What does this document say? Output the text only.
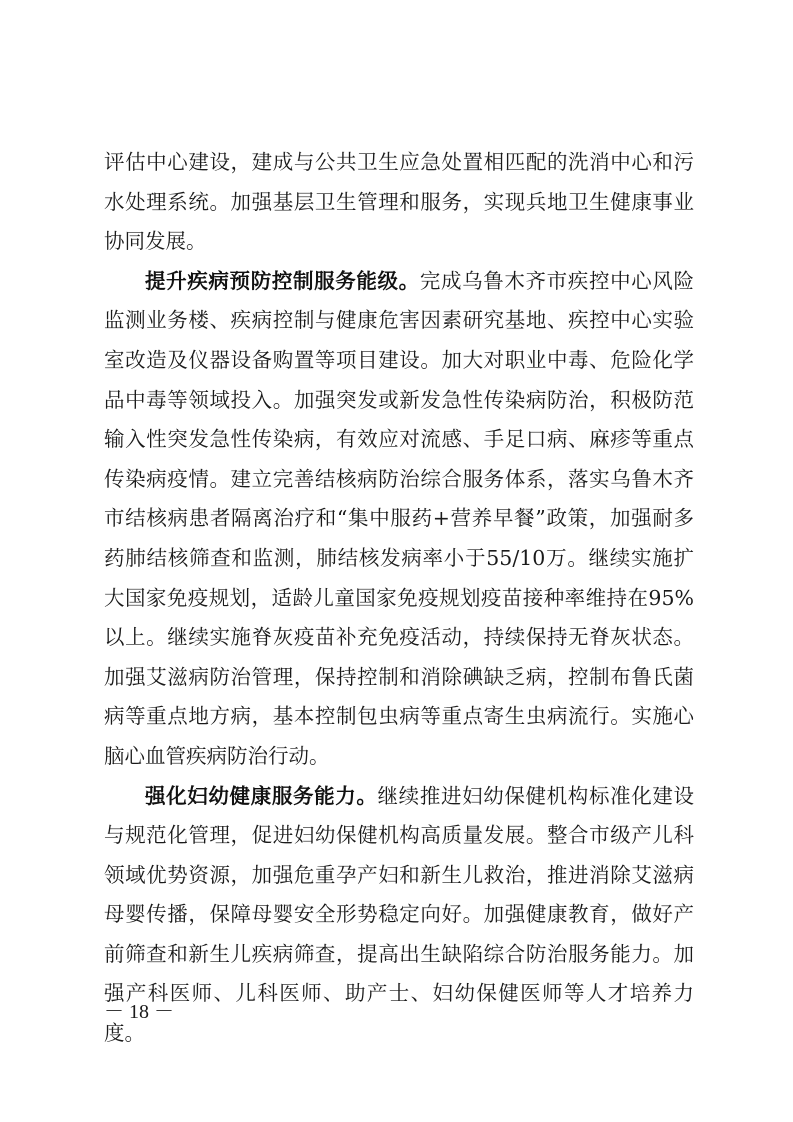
评估中心建设，建成与公共卫生应急处置相匹配的洗消中心和污水处理系统。加强基层卫生管理和服务，实现兵地卫生健康事业协同发展。

提升疾病预防控制服务能级。完成乌鲁木齐市疾控中心风险监测业务楼、疾病控制与健康危害因素研究基地、疾控中心实验室改造及仪器设备购置等项目建设。加大对职业中毒、危险化学品中毒等领域投入。加强突发或新发急性传染病防治，积极防范输入性突发急性传染病，有效应对流感、手足口病、麻疹等重点传染病疫情。建立完善结核病防治综合服务体系，落实乌鲁木齐市结核病患者隔离治疗和“集中服药+营养早餐”政策，加强耐多药肺结核筛查和监测，肺结核发病率小于55/10万。继续实施扩大国家免疫规划，适龄儿童国家免疫规划疫苗接种率维持在95%以上。继续实施脊灰疫苗补充免疫活动，持续保持无脊灰状态。加强艾滋病防治管理，保持控制和消除碘缺乏病，控制布鲁氏菌病等重点地方病，基本控制包虫病等重点寄生虫病流行。实施心脑心血管疾病防治行动。

强化妇幼健康服务能力。继续推进妇幼保健机构标准化建设与规范化管理，促进妇幼保健机构高质量发展。整合市级产儿科领域优势资源，加强危重孕产妇和新生儿救治，推进消除艾滋病母婴传播，保障母婴安全形势稳定向好。加强健康教育，做好产前筛查和新生儿疾病筛查，提高出生缺陷综合防治服务能力。加强产科医师、儿科医师、助产士、妇幼保健医师等人才培养力度。

－ 18 －
